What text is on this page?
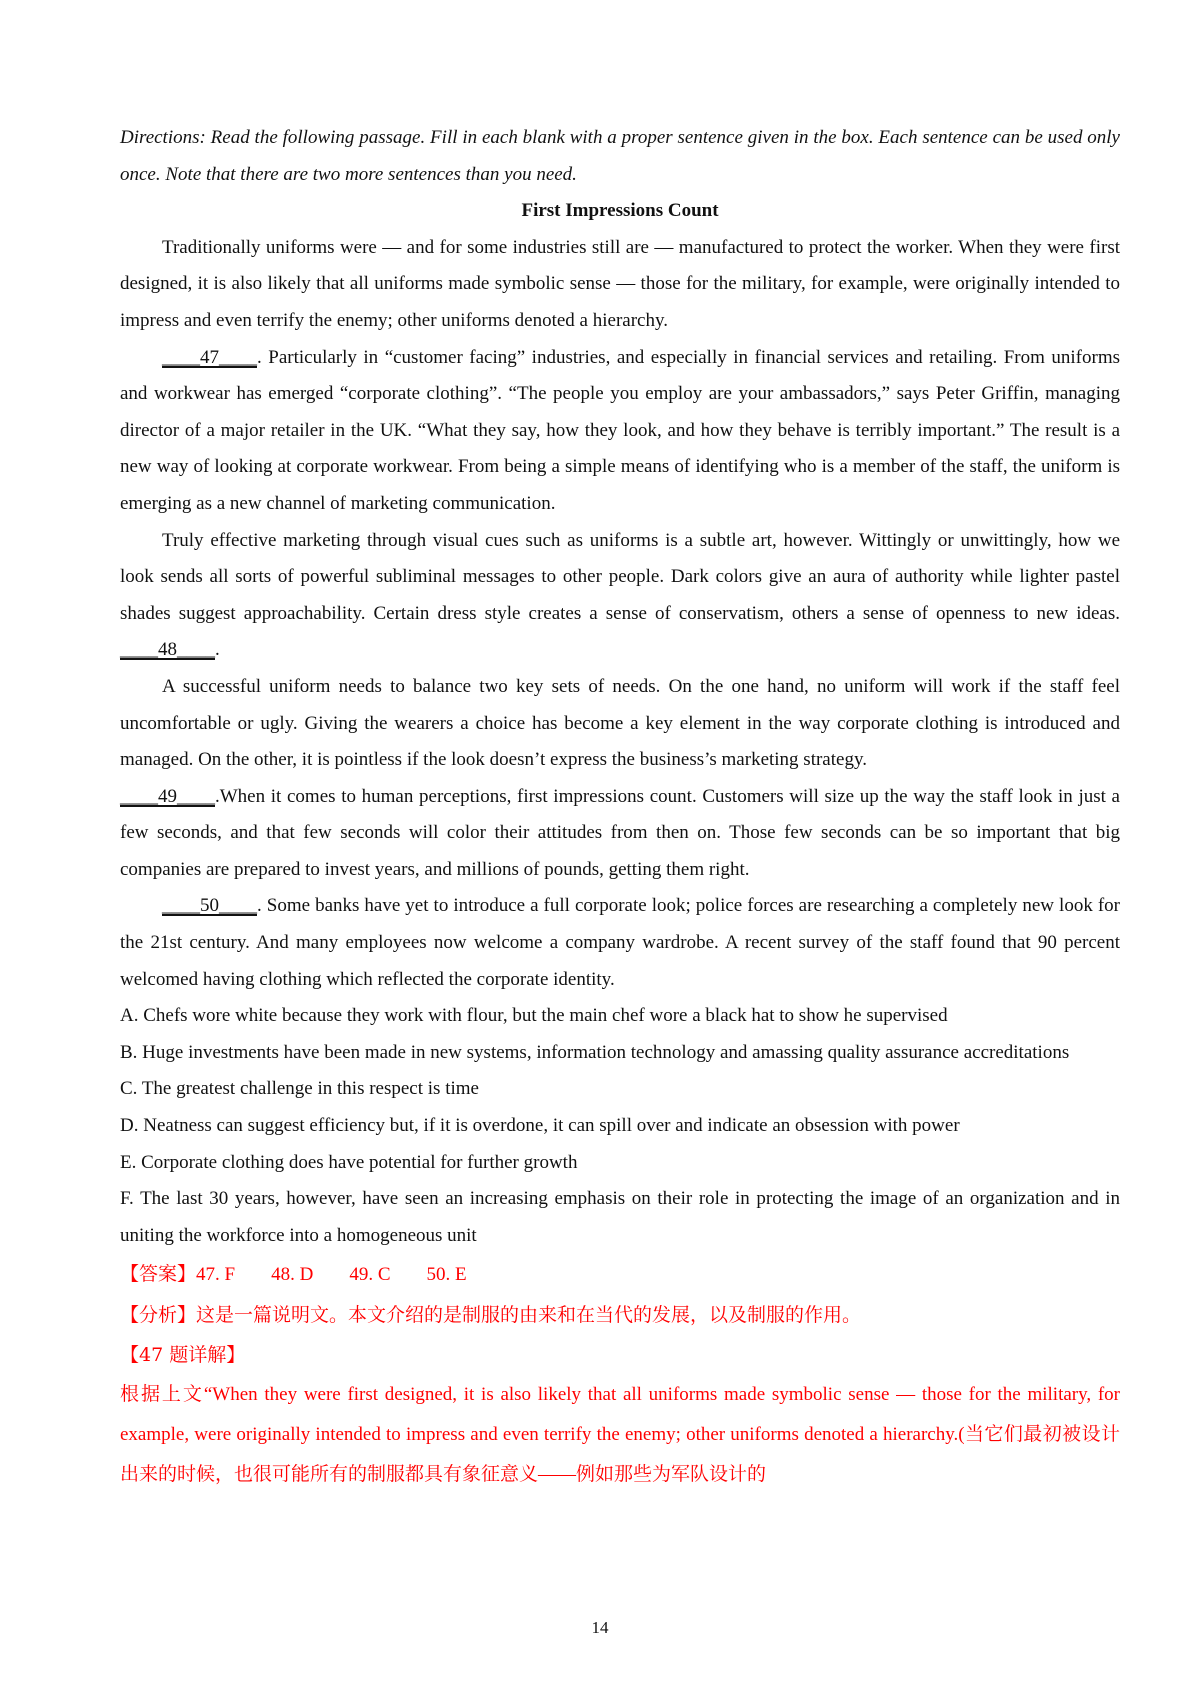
Directions: Read the following passage. Fill in each blank with a proper sentence given in the box. Each sentence can be used only once. Note that there are two more sentences than you need.

First Impressions Count

Traditionally uniforms were — and for some industries still are — manufactured to protect the worker. When they were first designed, it is also likely that all uniforms made symbolic sense — those for the military, for example, were originally intended to impress and even terrify the enemy; other uniforms denoted a hierarchy.

____47____. Particularly in “customer facing” industries, and especially in financial services and retailing. From uniforms and workwear has emerged “corporate clothing”. “The people you employ are your ambassadors,” says Peter Griffin, managing director of a major retailer in the UK. “What they say, how they look, and how they behave is terribly important.” The result is a new way of looking at corporate workwear. From being a simple means of identifying who is a member of the staff, the uniform is emerging as a new channel of marketing communication.

Truly effective marketing through visual cues such as uniforms is a subtle art, however. Wittingly or unwittingly, how we look sends all sorts of powerful subliminal messages to other people. Dark colors give an aura of authority while lighter pastel shades suggest approachability. Certain dress style creates a sense of conservatism, others a sense of openness to new ideas. ____48____.

A successful uniform needs to balance two key sets of needs. On the one hand, no uniform will work if the staff feel uncomfortable or ugly. Giving the wearers a choice has become a key element in the way corporate clothing is introduced and managed. On the other, it is pointless if the look doesn’t express the business’s marketing strategy.
____49____.When it comes to human perceptions, first impressions count. Customers will size up the way the staff look in just a few seconds, and that few seconds will color their attitudes from then on. Those few seconds can be so important that big companies are prepared to invest years, and millions of pounds, getting them right.

____50____. Some banks have yet to introduce a full corporate look; police forces are researching a completely new look for the 21st century. And many employees now welcome a company wardrobe. A recent survey of the staff found that 90 percent welcomed having clothing which reflected the corporate identity.

A. Chefs wore white because they work with flour, but the main chef wore a black hat to show he supervised

B. Huge investments have been made in new systems, information technology and amassing quality assurance accreditations

C. The greatest challenge in this respect is time

D. Neatness can suggest efficiency but, if it is overdone, it can spill over and indicate an obsession with power

E. Corporate clothing does have potential for further growth

F. The last 30 years, however, have seen an increasing emphasis on their role in protecting the image of an organization and in uniting the workforce into a homogeneous unit

【答案】47. F 48. D 49. C 50. E

【分析】这是一篇说明文。本文介绍的是制服的由来和在当代的发展，以及制服的作用。

【47 题详解】

根据上文“When they were first designed, it is also likely that all uniforms made symbolic sense — those for the military, for example, were originally intended to impress and even terrify the enemy; other uniforms denoted a hierarchy.(当它们最初被设计出来的时候，也很可能所有的制服都具有象征意义——例如那些为军队设计的

14
